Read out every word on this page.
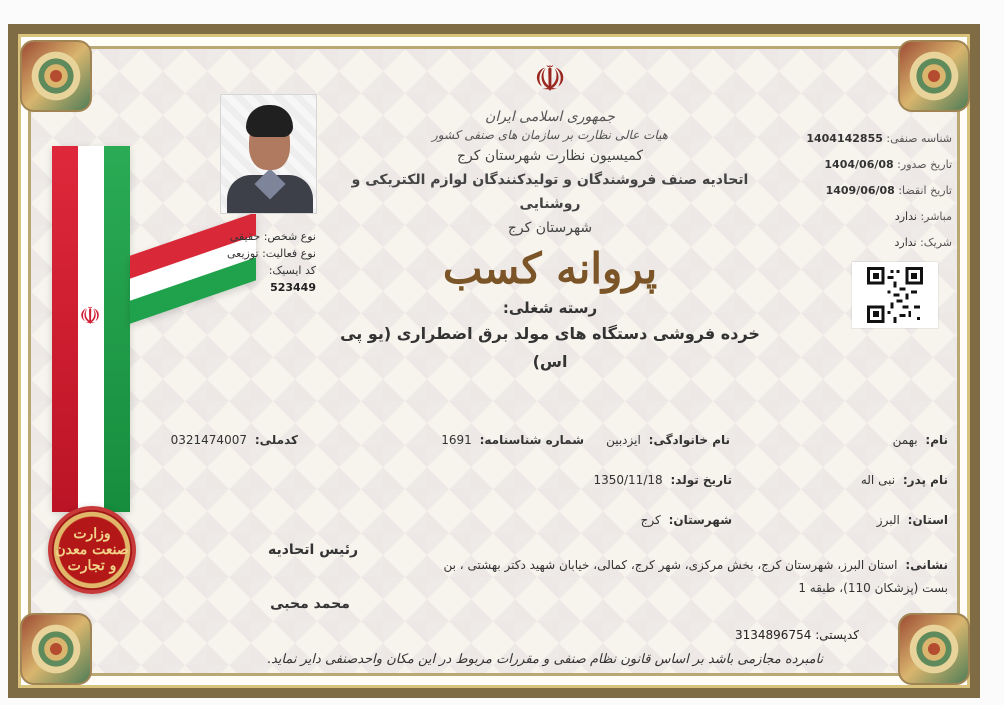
☫
وزارت
صنعت معدن
و تجارت
نوع شخص: حقیقی
نوع فعالیت: توزیعی
کد ایسیک: 523449
☫
جمهوری اسلامی ایران
هیات عالی نظارت بر سازمان های صنفی کشور
کمیسیون نظارت شهرستان کرج
اتحادیه صنف فروشندگان و تولیدکنندگان لوازم الکتریکی و روشنایی
شهرستان کرج
پروانه کسب
رسته شغلی:
خرده فروشی دستگاه های مولد برق اضطراری (یو پی اس)
شناسه صنفی: 1404142855
تاریخ صدور: 1404/06/08
تاریخ انقضا: 1409/06/08
مباشر: ندارد
شریک: ندارد
نام: بهمن
نام خانوادگی: ایزدبین
شماره شناسنامه: 1691
کدملی: 0321474007
نام پدر: نبی اله
تاریخ تولد: 1350/11/18
استان: البرز
شهرستان: کرج
نشانی: استان البرز، شهرستان کرج، بخش مرکزی، شهر کرج، کمالی، خیابان شهید دکتر بهشتی ، بن
بست (پزشکان 110)، طبقه 1
رئیس اتحادیه
محمد محبی
کدپستی: 3134896754
نامبرده مجازمی باشد بر اساس قانون نظام صنفی و مقررات مربوط در این مکان واحدصنفی دایر نماید.
